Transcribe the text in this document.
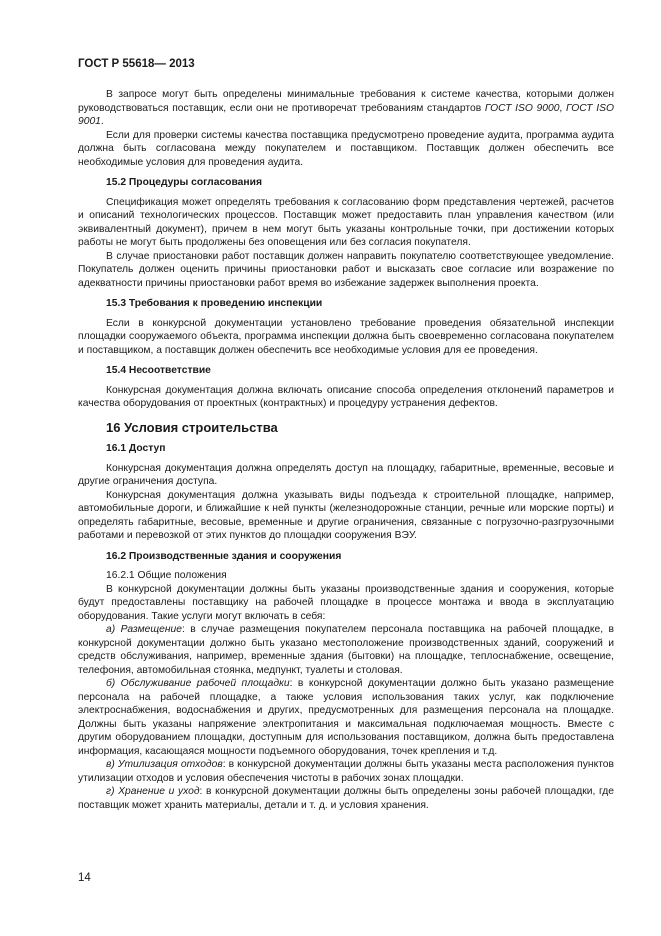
ГОСТ Р 55618— 2013

В запросе могут быть определены минимальные требования к системе качества, которыми должен руководствоваться поставщик, если они не противоречат требованиям стандартов ГОСТ ISO 9000, ГОСТ ISO 9001.

Если для проверки системы качества поставщика предусмотрено проведение аудита, программа аудита должна быть согласована между покупателем и поставщиком. Поставщик должен обеспечить все необходимые условия для проведения аудита.

15.2 Процедуры согласования

Спецификация может определять требования к согласованию форм представления чертежей, расчетов и описаний технологических процессов. Поставщик может предоставить план управления качеством (или эквивалентный документ), причем в нем могут быть указаны контрольные точки, при достижении которых работы не могут быть продолжены без оповещения или без согласия покупателя.

В случае приостановки работ поставщик должен направить покупателю соответствующее уведомление. Покупатель должен оценить причины приостановки работ и высказать свое согласие или возражение по адекватности причины приостановки работ время во избежание задержек выполнения проекта.

15.3 Требования к проведению инспекции

Если в конкурсной документации установлено требование проведения обязательной инспекции площадки сооружаемого объекта, программа инспекции должна быть своевременно согласована покупателем и поставщиком, а поставщик должен обеспечить все необходимые условия для ее проведения.

15.4 Несоответствие

Конкурсная документация должна включать описание способа определения отклонений параметров и качества оборудования от проектных (контрактных) и процедуру устранения дефектов.

16 Условия строительства
16.1 Доступ

Конкурсная документация должна определять доступ на площадку, габаритные, временные, весовые и другие ограничения доступа.

Конкурсная документация должна указывать виды подъезда к строительной площадке, например, автомобильные дороги, и ближайшие к ней пункты (железнодорожные станции, речные или морские порты) и определять габаритные, весовые, временные и другие ограничения, связанные с погрузочно-разгрузочными работами и перевозкой от этих пунктов до площадки сооружения ВЭУ.

16.2 Производственные здания и сооружения
16.2.1 Общие положения

В конкурсной документации должны быть указаны производственные здания и сооружения, которые будут предоставлены поставщику на рабочей площадке в процессе монтажа и ввода в эксплуатацию оборудования. Такие услуги могут включать в себя:

а) Размещение: в случае размещения покупателем персонала поставщика на рабочей площадке, в конкурсной документации должно быть указано местоположение производственных зданий, сооружений и средств обслуживания, например, временные здания (бытовки) на площадке, теплоснабжение, освещение, телефония, автомобильная стоянка, медпункт, туалеты и столовая.

б) Обслуживание рабочей площадки: в конкурсной документации должно быть указано размещение персонала на рабочей площадке, а также условия использования таких услуг, как подключение электроснабжения, водоснабжения и других, предусмотренных для размещения персонала на площадке. Должны быть указаны напряжение электропитания и максимальная подключаемая мощность. Вместе с другим оборудованием площадки, доступным для использования поставщиком, должна быть предоставлена информация, касающаяся мощности подъемного оборудования, точек крепления и т.д.

в) Утилизация отходов: в конкурсной документации должны быть указаны места расположения пунктов утилизации отходов и условия обеспечения чистоты в рабочих зонах площадки.

г) Хранение и уход: в конкурсной документации должны быть определены зоны рабочей площадки, где поставщик может хранить материалы, детали и т. д. и условия хранения.

14
